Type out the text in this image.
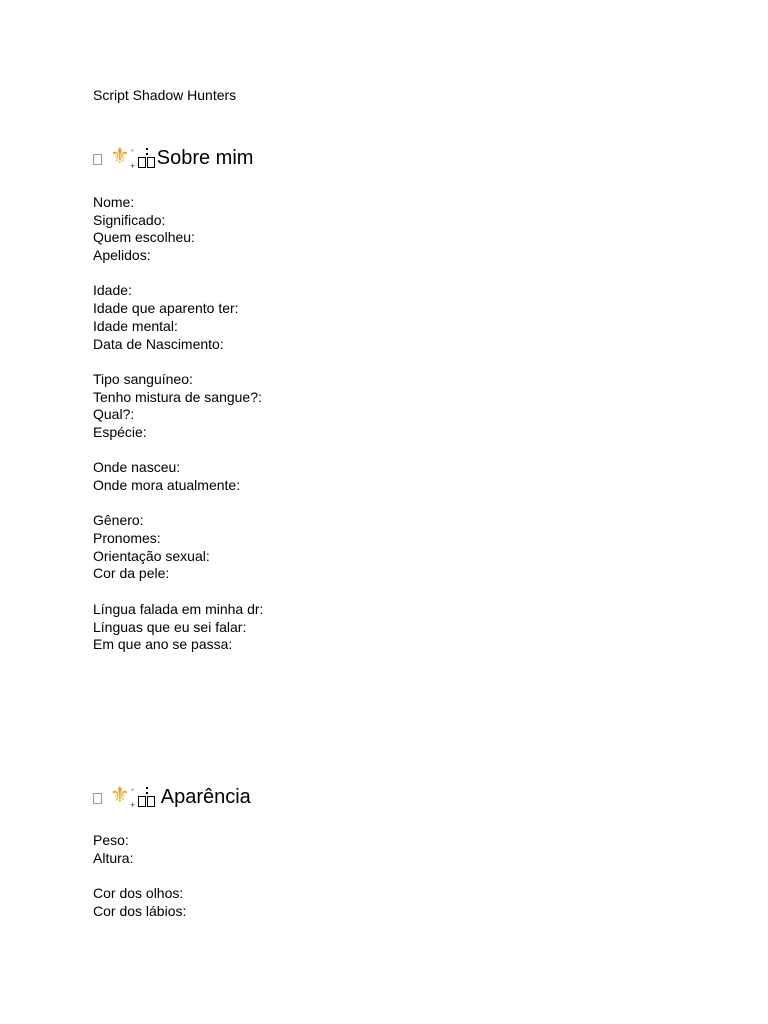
Script Shadow Hunters
⚜ ˚
+ Sobre mim
Nome:
Significado:
Quem escolheu:
Apelidos:
Idade:
Idade que aparento ter:
Idade mental:
Data de Nascimento:
Tipo sanguíneo:
Tenho mistura de sangue?:
Qual?:
Espécie:
Onde nasceu:
Onde mora atualmente:
Gênero:
Pronomes:
Orientação sexual:
Cor da pele:
Língua falada em minha dr:
Línguas que eu sei falar:
Em que ano se passa:
⚜ ˚
+ Aparência
Peso:
Altura:
Cor dos olhos:
Cor dos lábios:
